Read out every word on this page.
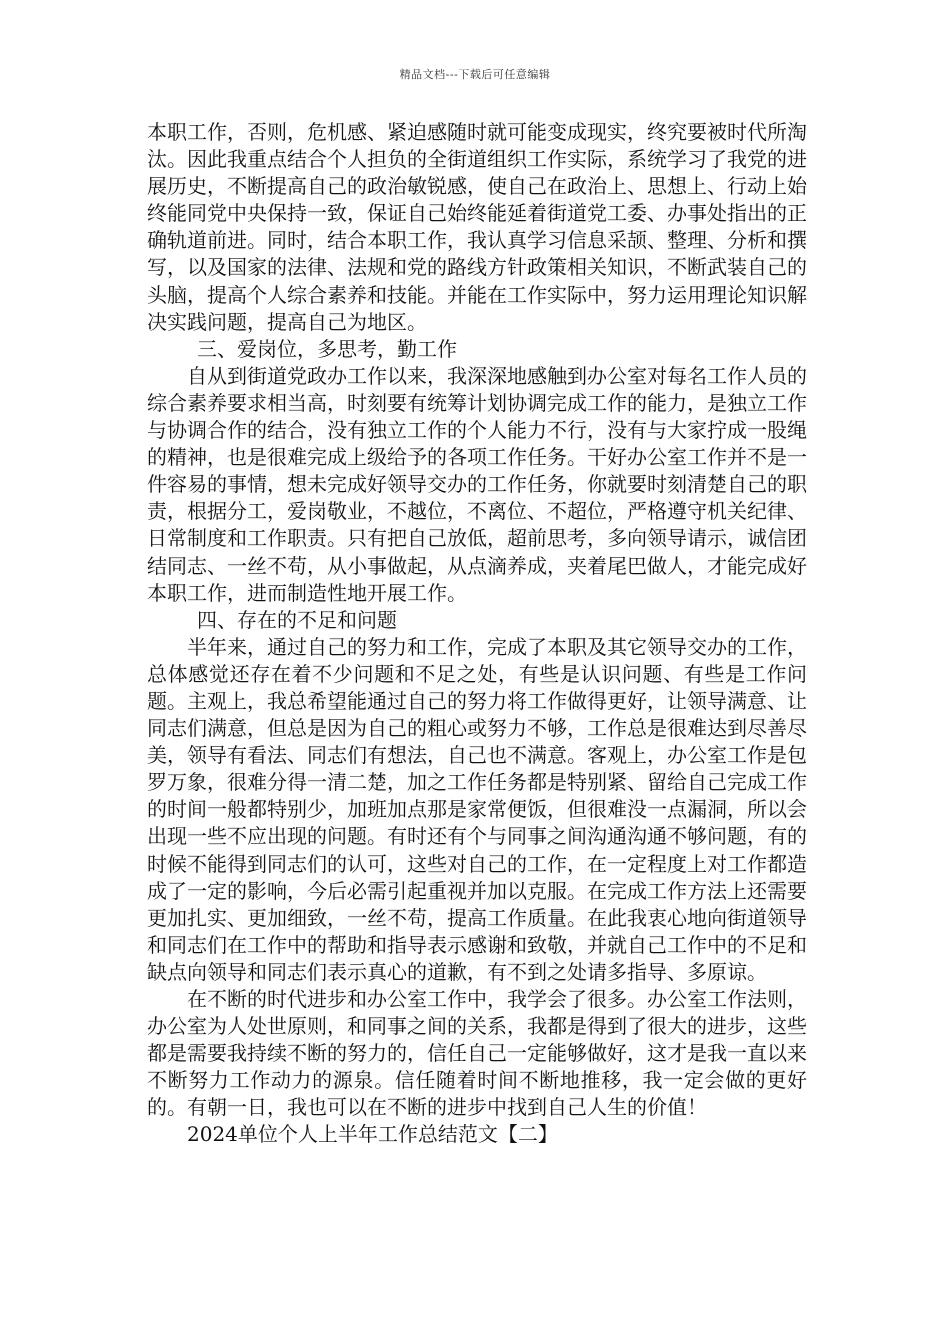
精品文档---下载后可任意编辑

本职工作，否则，危机感、紧迫感随时就可能变成现实，终究要被时代所淘汰。因此我重点结合个人担负的全街道组织工作实际，系统学习了我党的进展历史，不断提高自己的政治敏锐感，使自己在政治上、思想上、行动上始终能同党中央保持一致，保证自己始终能延着街道党工委、办事处指出的正确轨道前进。同时，结合本职工作，我认真学习信息采颉、整理、分析和撰写，以及国家的法律、法规和党的路线方针政策相关知识，不断武装自己的头脑，提高个人综合素养和技能。并能在工作实际中，努力运用理论知识解决实践问题，提高自己为地区。

三、爱岗位，多思考，勤工作

自从到街道党政办工作以来，我深深地感触到办公室对每名工作人员的综合素养要求相当高，时刻要有统筹计划协调完成工作的能力，是独立工作与协调合作的结合，没有独立工作的个人能力不行，没有与大家拧成一股绳的精神，也是很难完成上级给予的各项工作任务。干好办公室工作并不是一件容易的事情，想未完成好领导交办的工作任务，你就要时刻清楚自己的职责，根据分工，爱岗敬业，不越位，不离位、不超位，严格遵守机关纪律、日常制度和工作职责。只有把自己放低，超前思考，多向领导请示，诚信团结同志、一丝不苟，从小事做起，从点滴养成，夹着尾巴做人，才能完成好本职工作，进而制造性地开展工作。

四、存在的不足和问题

半年来，通过自己的努力和工作，完成了本职及其它领导交办的工作，总体感觉还存在着不少问题和不足之处，有些是认识问题、有些是工作问题。主观上，我总希望能通过自己的努力将工作做得更好，让领导满意、让同志们满意，但总是因为自己的粗心或努力不够，工作总是很难达到尽善尽美，领导有看法、同志们有想法，自己也不满意。客观上，办公室工作是包罗万象，很难分得一清二楚，加之工作任务都是特别紧、留给自己完成工作的时间一般都特别少，加班加点那是家常便饭，但很难没一点漏洞，所以会出现一些不应出现的问题。有时还有个与同事之间沟通沟通不够问题，有的时候不能得到同志们的认可，这些对自己的工作，在一定程度上对工作都造成了一定的影响，今后必需引起重视并加以克服。在完成工作方法上还需要更加扎实、更加细致，一丝不苟，提高工作质量。在此我衷心地向街道领导和同志们在工作中的帮助和指导表示感谢和致敬，并就自己工作中的不足和缺点向领导和同志们表示真心的道歉，有不到之处请多指导、多原谅。

在不断的时代进步和办公室工作中，我学会了很多。办公室工作法则，办公室为人处世原则，和同事之间的关系，我都是得到了很大的进步，这些都是需要我持续不断的努力的，信任自己一定能够做好，这才是我一直以来不断努力工作动力的源泉。信任随着时间不断地推移，我一定会做的更好的。有朝一日，我也可以在不断的进步中找到自己人生的价值！

2024单位个人上半年工作总结范文【二】
